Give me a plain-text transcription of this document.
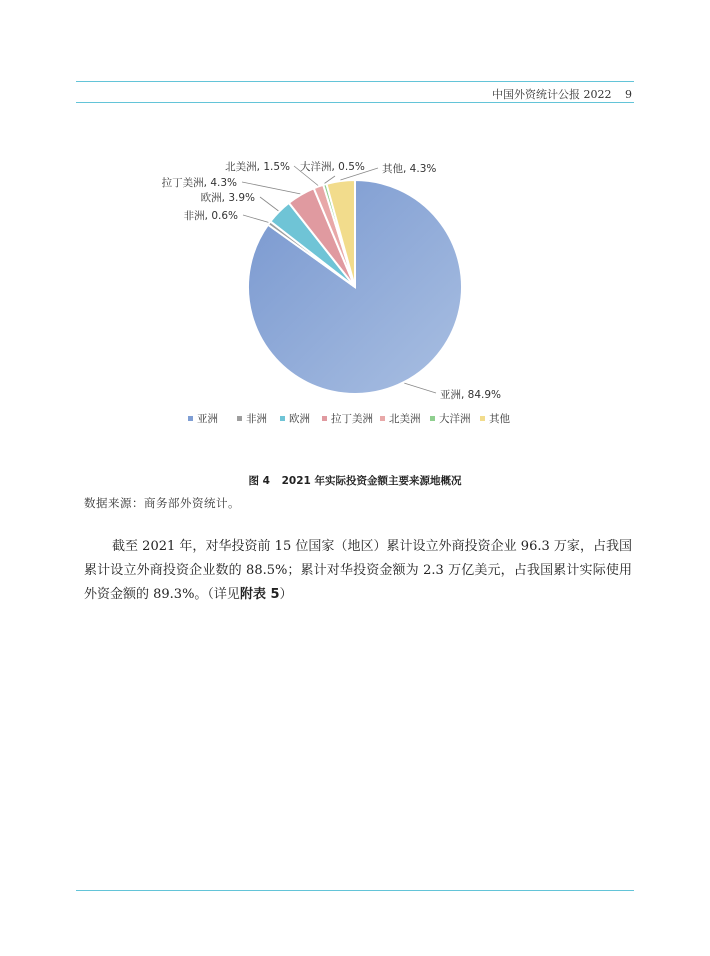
中国外资统计公报 2022 9
亚洲, 84.9%
非洲, 0.6%
欧洲, 3.9%
拉丁美洲, 4.3%
北美洲, 1.5% 大洋洲, 0.5% 其他, 4.3%
亚洲	非洲 欧洲 拉丁美洲 北美洲 大洋洲 其他
图 4 2021 年实际投资金额主要来源地概况
数据来源：商务部外资统计。
截至 2021 年，对华投资前 15 位国家（地区）累计设立外商投资企业 96.3 万家，占我国累计设立外商投资企业数的 88.5%；累计对华投资金额为 2.3 万亿美元，占我国累计实际使用外资金额的 89.3%。（详见附表 5）
